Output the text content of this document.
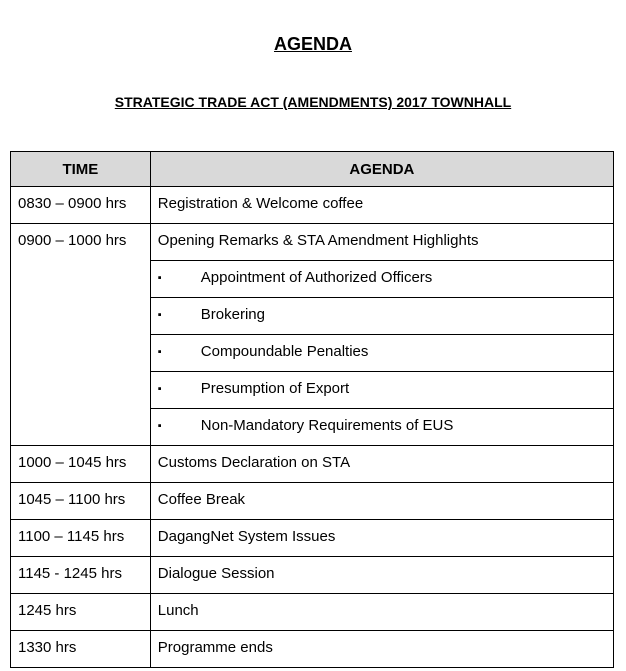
AGENDA
STRATEGIC TRADE ACT (AMENDMENTS) 2017 TOWNHALL
TIME	AGENDA
0830 – 0900 hrs	Registration & Welcome coffee
0900 – 1000 hrs	Opening Remarks & STA Amendment Highlights
	▪ Appointment of Authorized Officers
	▪ Brokering
	▪ Compoundable Penalties
	▪ Presumption of Export
	▪ Non-Mandatory Requirements of EUS
1000 – 1045 hrs	Customs Declaration on STA
1045 – 1100 hrs	Coffee Break
1100 – 1145 hrs	DagangNet System Issues
1145 - 1245 hrs	Dialogue Session
1245 hrs	Lunch
1330 hrs	Programme ends
